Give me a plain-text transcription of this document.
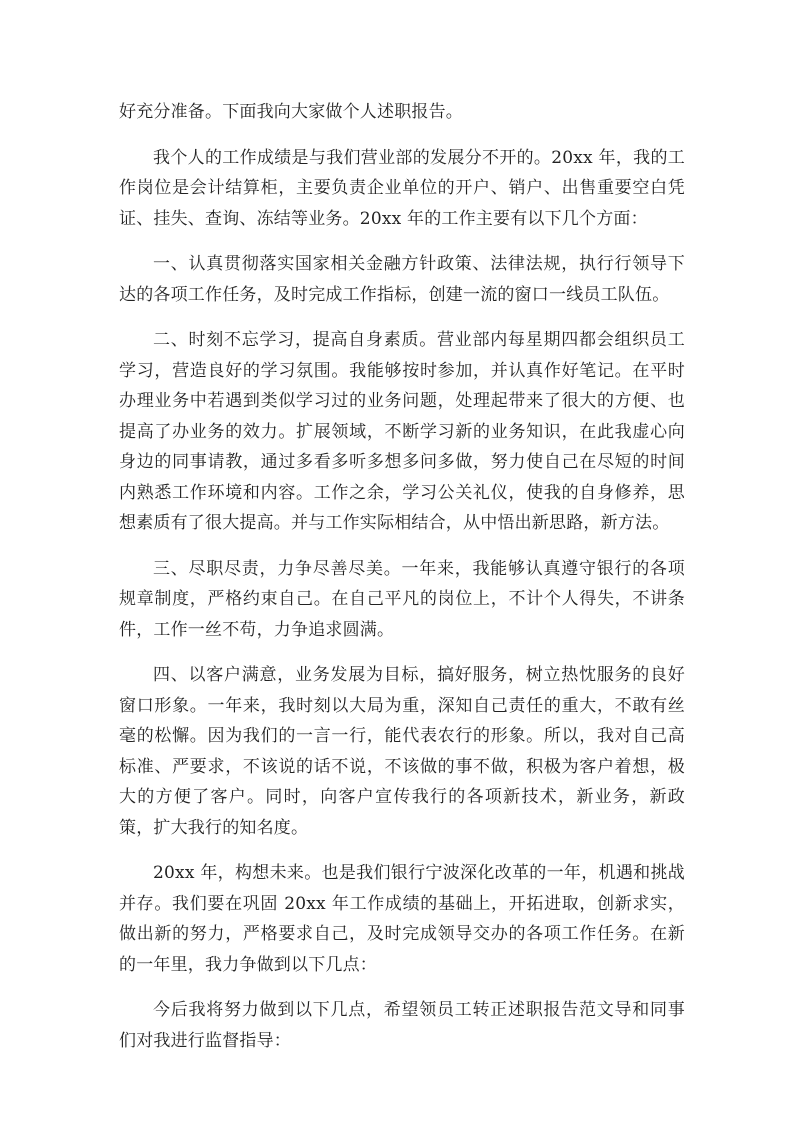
好充分准备。下面我向大家做个人述职报告。

我个人的工作成绩是与我们营业部的发展分不开的。20xx 年，我的工作岗位是会计结算柜，主要负责企业单位的开户、销户、出售重要空白凭证、挂失、查询、冻结等业务。20xx 年的工作主要有以下几个方面：

一、认真贯彻落实国家相关金融方针政策、法律法规，执行行领导下达的各项工作任务，及时完成工作指标，创建一流的窗口一线员工队伍。

二、时刻不忘学习，提高自身素质。营业部内每星期四都会组织员工学习，营造良好的学习氛围。我能够按时参加，并认真作好笔记。在平时办理业务中若遇到类似学习过的业务问题，处理起带来了很大的方便、也提高了办业务的效力。扩展领域，不断学习新的业务知识，在此我虚心向身边的同事请教，通过多看多听多想多问多做，努力使自己在尽短的时间内熟悉工作环境和内容。工作之余，学习公关礼仪，使我的自身修养，思想素质有了很大提高。并与工作实际相结合，从中悟出新思路，新方法。

三、尽职尽责，力争尽善尽美。一年来，我能够认真遵守银行的各项规章制度，严格约束自己。在自己平凡的岗位上，不计个人得失，不讲条件，工作一丝不苟，力争追求圆满。

四、以客户满意，业务发展为目标，搞好服务，树立热忱服务的良好窗口形象。一年来，我时刻以大局为重，深知自己责任的重大，不敢有丝毫的松懈。因为我们的一言一行，能代表农行的形象。所以，我对自己高标准、严要求，不该说的话不说，不该做的事不做，积极为客户着想，极大的方便了客户。同时，向客户宣传我行的各项新技术，新业务，新政策，扩大我行的知名度。

20xx 年，构想未来。也是我们银行宁波深化改革的一年，机遇和挑战并存。我们要在巩固 20xx 年工作成绩的基础上，开拓进取，创新求实，做出新的努力，严格要求自己，及时完成领导交办的各项工作任务。在新的一年里，我力争做到以下几点：

今后我将努力做到以下几点，希望领员工转正述职报告范文导和同事们对我进行监督指导：
